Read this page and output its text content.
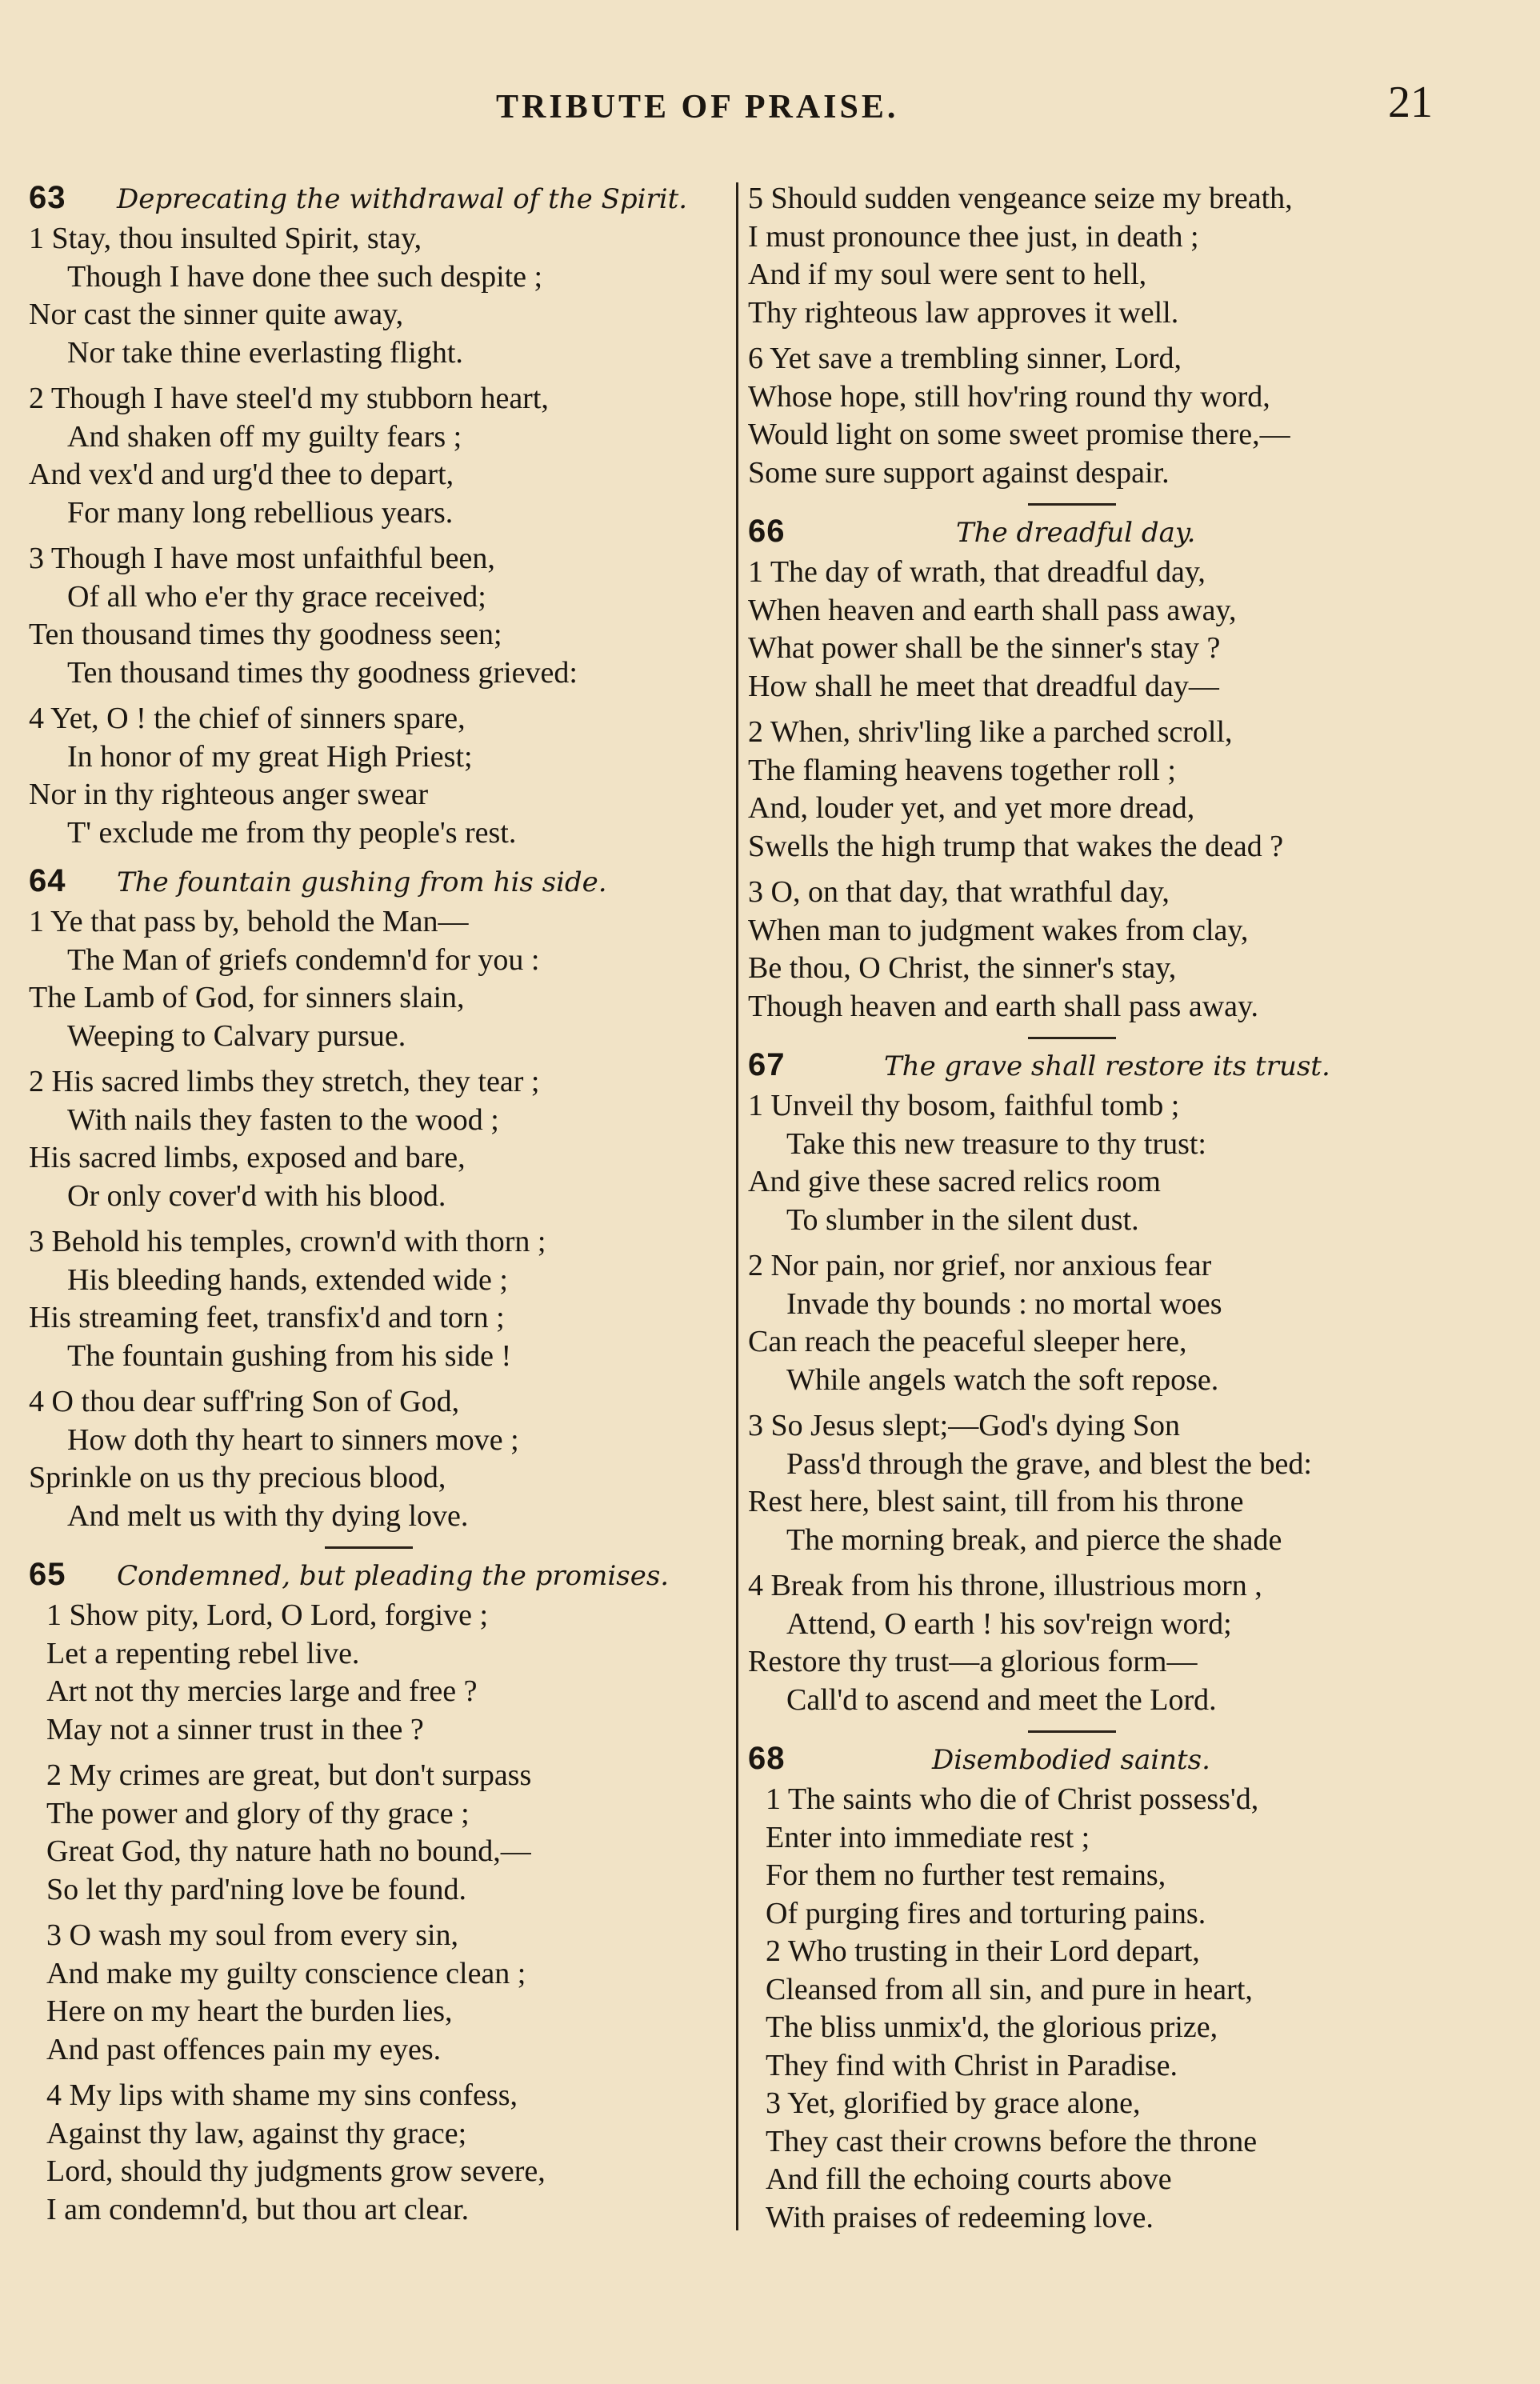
TRIBUTE OF PRAISE.	21
63	Deprecating the withdrawal of the Spirit.
1 Stay, thou insulted Spirit, stay,
Though I have done thee such despite ;
Nor cast the sinner quite away,
Nor take thine everlasting flight.
2 Though I have steel'd my stubborn heart,
And shaken off my guilty fears ;
And vex'd and urg'd thee to depart,
For many long rebellious years.
3 Though I have most unfaithful been,
Of all who e'er thy grace received;
Ten thousand times thy goodness seen;
Ten thousand times thy goodness grieved:
4 Yet, O ! the chief of sinners spare,
In honor of my great High Priest;
Nor in thy righteous anger swear
T' exclude me from thy people's rest.
64	The fountain gushing from his side.
1 Ye that pass by, behold the Man—
The Man of griefs condemn'd for you :
The Lamb of God, for sinners slain,
Weeping to Calvary pursue.
2 His sacred limbs they stretch, they tear ;
With nails they fasten to the wood ;
His sacred limbs, exposed and bare,
Or only cover'd with his blood.
3 Behold his temples, crown'd with thorn ;
His bleeding hands, extended wide ;
His streaming feet, transfix'd and torn ;
The fountain gushing from his side !
4 O thou dear suff'ring Son of God,
How doth thy heart to sinners move ;
Sprinkle on us thy precious blood,
And melt us with thy dying love.
65	Condemned, but pleading the promises.
1 Show pity, Lord, O Lord, forgive ;
Let a repenting rebel live.
Art not thy mercies large and free ?
May not a sinner trust in thee ?
2 My crimes are great, but don't surpass
The power and glory of thy grace ;
Great God, thy nature hath no bound,—
So let thy pard'ning love be found.
3 O wash my soul from every sin,
And make my guilty conscience clean ;
Here on my heart the burden lies,
And past offences pain my eyes.
4 My lips with shame my sins confess,
Against thy law, against thy grace;
Lord, should thy judgments grow severe,
I am condemn'd, but thou art clear.
5 Should sudden vengeance seize my breath,
I must pronounce thee just, in death ;
And if my soul were sent to hell,
Thy righteous law approves it well.
6 Yet save a trembling sinner, Lord,
Whose hope, still hov'ring round thy word,
Would light on some sweet promise there,—
Some sure support against despair.
66	The dreadful day.
1 The day of wrath, that dreadful day,
When heaven and earth shall pass away,
What power shall be the sinner's stay ?
How shall he meet that dreadful day—
2 When, shriv'ling like a parched scroll,
The flaming heavens together roll ;
And, louder yet, and yet more dread,
Swells the high trump that wakes the dead ?
3 O, on that day, that wrathful day,
When man to judgment wakes from clay,
Be thou, O Christ, the sinner's stay,
Though heaven and earth shall pass away.
67	The grave shall restore its trust.
1 Unveil thy bosom, faithful tomb ;
Take this new treasure to thy trust:
And give these sacred relics room
To slumber in the silent dust.
2 Nor pain, nor grief, nor anxious fear
Invade thy bounds : no mortal woes
Can reach the peaceful sleeper here,
While angels watch the soft repose.
3 So Jesus slept;—God's dying Son
Pass'd through the grave, and blest the bed:
Rest here, blest saint, till from his throne
The morning break, and pierce the shade
4 Break from his throne, illustrious morn ,
Attend, O earth ! his sov'reign word;
Restore thy trust—a glorious form—
Call'd to ascend and meet the Lord.
68	Disembodied saints.
1 The saints who die of Christ possess'd,
Enter into immediate rest ;
For them no further test remains,
Of purging fires and torturing pains.
2 Who trusting in their Lord depart,
Cleansed from all sin, and pure in heart,
The bliss unmix'd, the glorious prize,
They find with Christ in Paradise.
3 Yet, glorified by grace alone,
They cast their crowns before the throne
And fill the echoing courts above
With praises of redeeming love.
